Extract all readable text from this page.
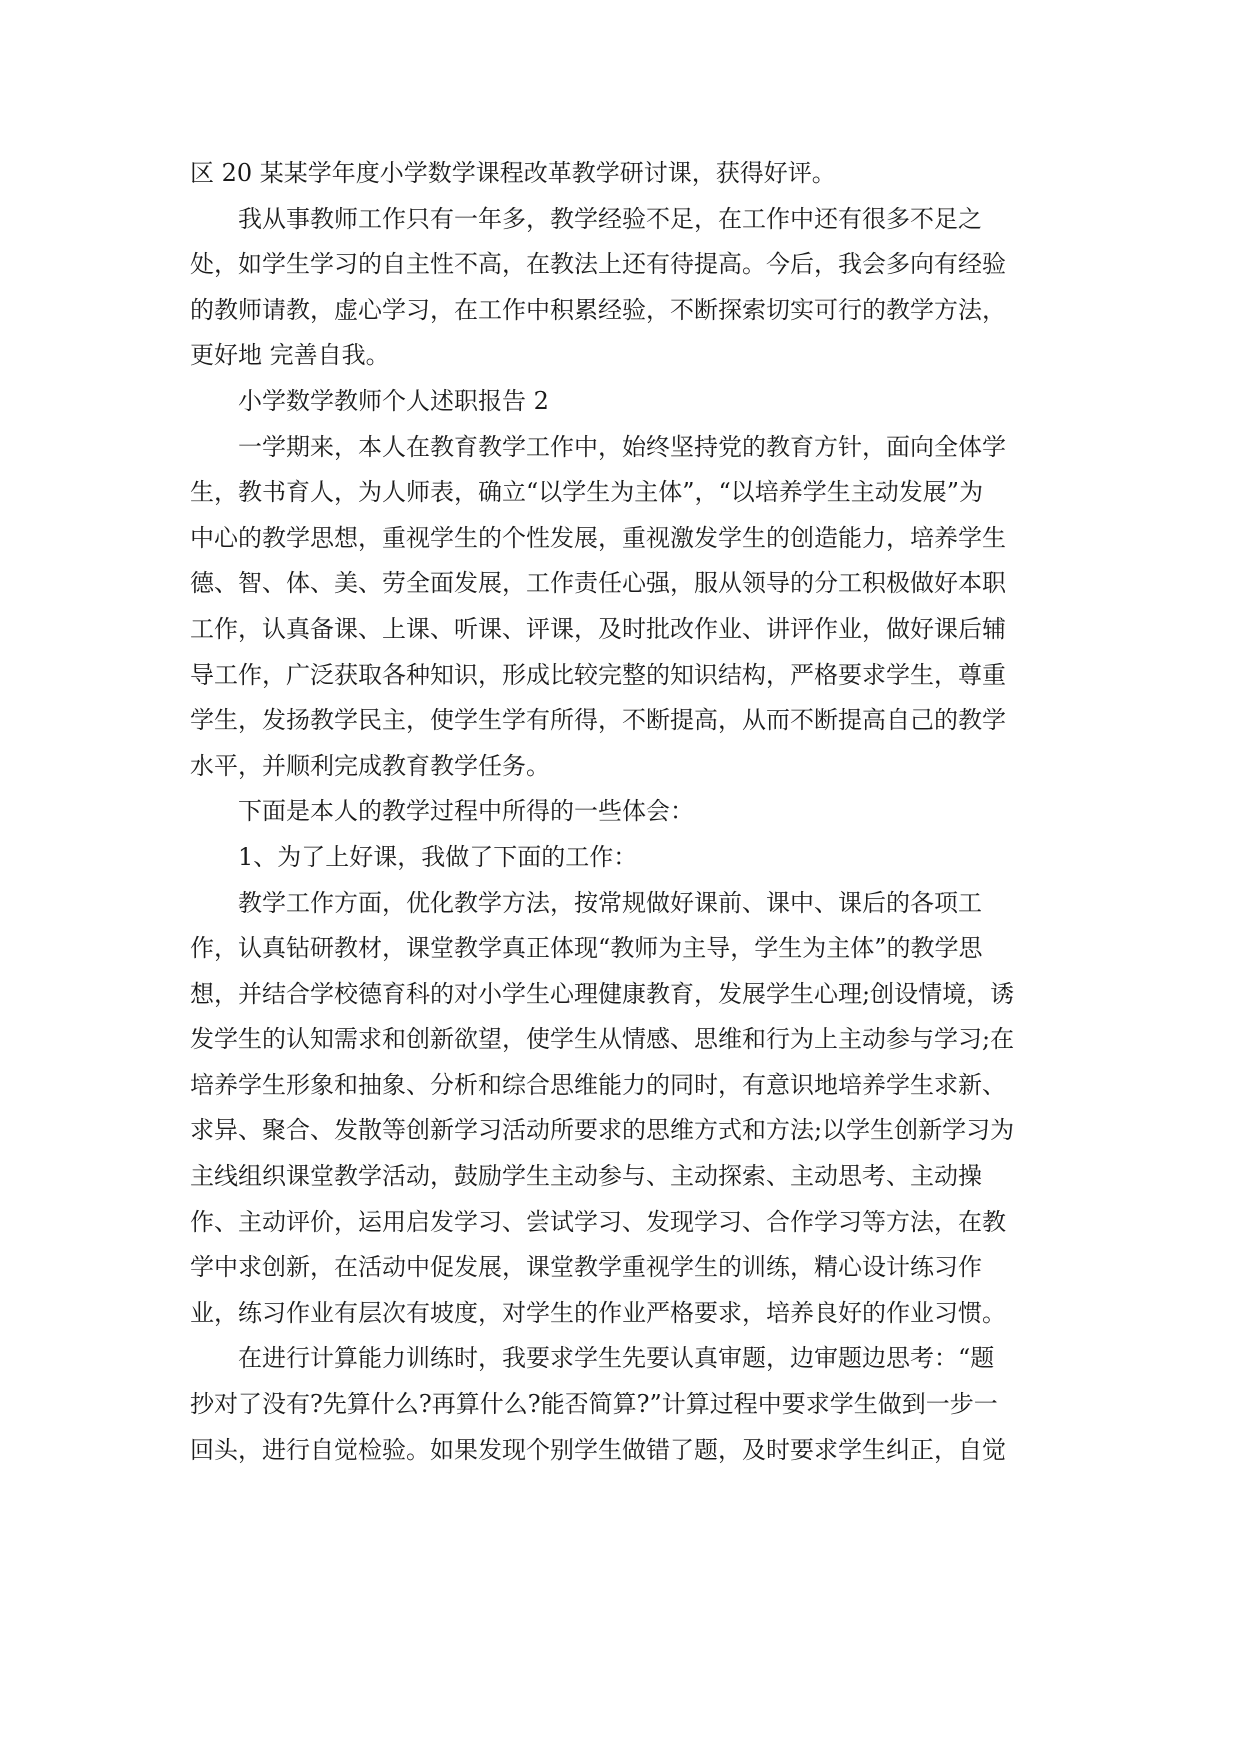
区 20 某某学年度小学数学课程改革教学研讨课，获得好评。
我从事教师工作只有一年多，教学经验不足，在工作中还有很多不足之
处，如学生学习的自主性不高，在教法上还有待提高。今后，我会多向有经验
的教师请教，虚心学习，在工作中积累经验，不断探索切实可行的教学方法，
更好地 完善自我。
小学数学教师个人述职报告 2
一学期来，本人在教育教学工作中，始终坚持党的教育方针，面向全体学
生，教书育人，为人师表，确立“以学生为主体”，“以培养学生主动发展”为
中心的教学思想，重视学生的个性发展，重视激发学生的创造能力，培养学生
德、智、体、美、劳全面发展，工作责任心强，服从领导的分工积极做好本职
工作，认真备课、上课、听课、评课，及时批改作业、讲评作业，做好课后辅
导工作，广泛获取各种知识，形成比较完整的知识结构，严格要求学生，尊重
学生，发扬教学民主，使学生学有所得，不断提高，从而不断提高自己的教学
水平，并顺利完成教育教学任务。
下面是本人的教学过程中所得的一些体会：
1、为了上好课，我做了下面的工作：
教学工作方面，优化教学方法，按常规做好课前、课中、课后的各项工
作，认真钻研教材，课堂教学真正体现“教师为主导，学生为主体”的教学思
想，并结合学校德育科的对小学生心理健康教育，发展学生心理;创设情境，诱
发学生的认知需求和创新欲望，使学生从情感、思维和行为上主动参与学习;在
培养学生形象和抽象、分析和综合思维能力的同时，有意识地培养学生求新、
求异、聚合、发散等创新学习活动所要求的思维方式和方法;以学生创新学习为
主线组织课堂教学活动，鼓励学生主动参与、主动探索、主动思考、主动操
作、主动评价，运用启发学习、尝试学习、发现学习、合作学习等方法，在教
学中求创新，在活动中促发展，课堂教学重视学生的训练，精心设计练习作
业，练习作业有层次有坡度，对学生的作业严格要求，培养良好的作业习惯。
在进行计算能力训练时，我要求学生先要认真审题，边审题边思考：“题
抄对了没有?先算什么?再算什么?能否简算?”计算过程中要求学生做到一步一
回头，进行自觉检验。如果发现个别学生做错了题，及时要求学生纠正，自觉
